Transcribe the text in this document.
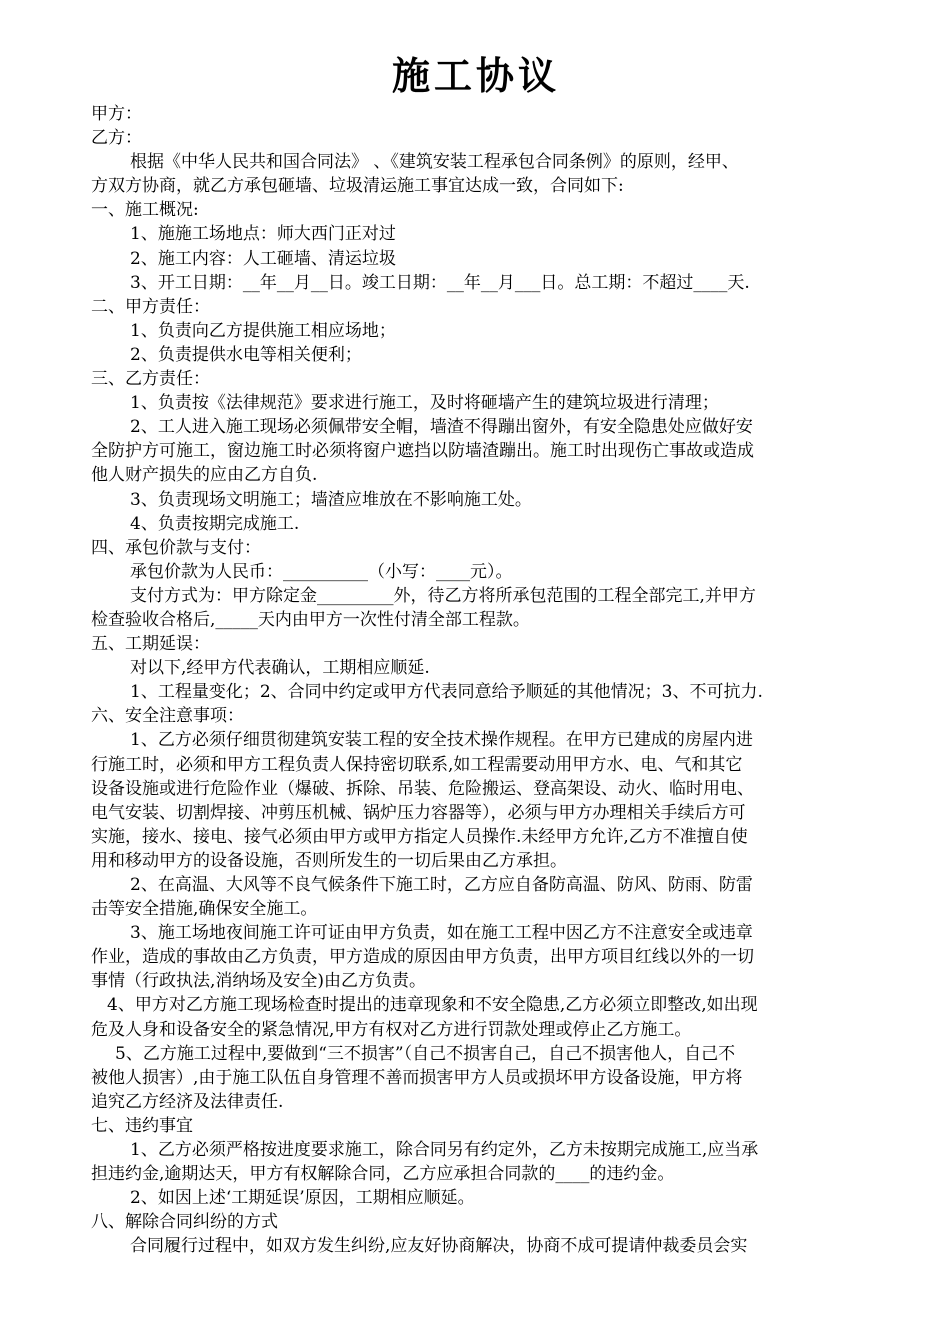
施工协议
甲方：
乙方：
根据《中华人民共和国合同法》 、《建筑安装工程承包合同条例》的原则，经甲、
方双方协商，就乙方承包砸墙、垃圾清运施工事宜达成一致，合同如下:
一、施工概况:
1、施施工场地点：师大西门正对过
2、施工内容：人工砸墙、清运垃圾
3、开工日期：__年__月__日。竣工日期：__年__月___日。总工期：不超过____天.
二、甲方责任：
1、负责向乙方提供施工相应场地；
2、负责提供水电等相关便利；
三、乙方责任：
1、负责按《法律规范》要求进行施工，及时将砸墙产生的建筑垃圾进行清理；
2、工人进入施工现场必须佩带安全帽，墙渣不得蹦出窗外，有安全隐患处应做好安
全防护方可施工，窗边施工时必须将窗户遮挡以防墙渣蹦出。施工时出现伤亡事故或造成
他人财产损失的应由乙方自负.
3、负责现场文明施工；墙渣应堆放在不影响施工处。
4、负责按期完成施工.
四、承包价款与支付：
承包价款为人民币：__________（小写：____元）。
支付方式为：甲方除定金_________外，待乙方将所承包范围的工程全部完工,并甲方
检查验收合格后,_____天内由甲方一次性付清全部工程款。
五、工期延误：
对以下,经甲方代表确认，工期相应顺延.
1、工程量变化；2、合同中约定或甲方代表同意给予顺延的其他情况；3、不可抗力.
六、安全注意事项：
1、乙方必须仔细贯彻建筑安装工程的安全技术操作规程。在甲方已建成的房屋内进
行施工时，必须和甲方工程负责人保持密切联系,如工程需要动用甲方水、电、气和其它
设备设施或进行危险作业（爆破、拆除、吊装、危险搬运、登高架设、动火、临时用电、
电气安装、切割焊接、冲剪压机械、锅炉压力容器等），必须与甲方办理相关手续后方可
实施，接水、接电、接气必须由甲方或甲方指定人员操作.未经甲方允许,乙方不准擅自使
用和移动甲方的设备设施，否则所发生的一切后果由乙方承担。
2、在高温、大风等不良气候条件下施工时，乙方应自备防高温、防风、防雨、防雷
击等安全措施,确保安全施工。
3、施工场地夜间施工许可证由甲方负责，如在施工工程中因乙方不注意安全或违章
作业，造成的事故由乙方负责，甲方造成的原因由甲方负责，出甲方项目红线以外的一切
事情（行政执法,消纳场及安全)由乙方负责。
4、甲方对乙方施工现场检查时提出的违章现象和不安全隐患,乙方必须立即整改,如出现
危及人身和设备安全的紧急情况,甲方有权对乙方进行罚款处理或停止乙方施工。
5、乙方施工过程中,要做到“三不损害”（自己不损害自己，自己不损害他人，自己不
被他人损害）,由于施工队伍自身管理不善而损害甲方人员或损坏甲方设备设施，甲方将
追究乙方经济及法律责任.
七、违约事宜
1、乙方必须严格按进度要求施工，除合同另有约定外，乙方未按期完成施工,应当承
担违约金,逾期达天，甲方有权解除合同，乙方应承担合同款的____的违约金。
2、如因上述‘工期延误’原因，工期相应顺延。
八、解除合同纠纷的方式
合同履行过程中，如双方发生纠纷,应友好协商解决，协商不成可提请仲裁委员会实
